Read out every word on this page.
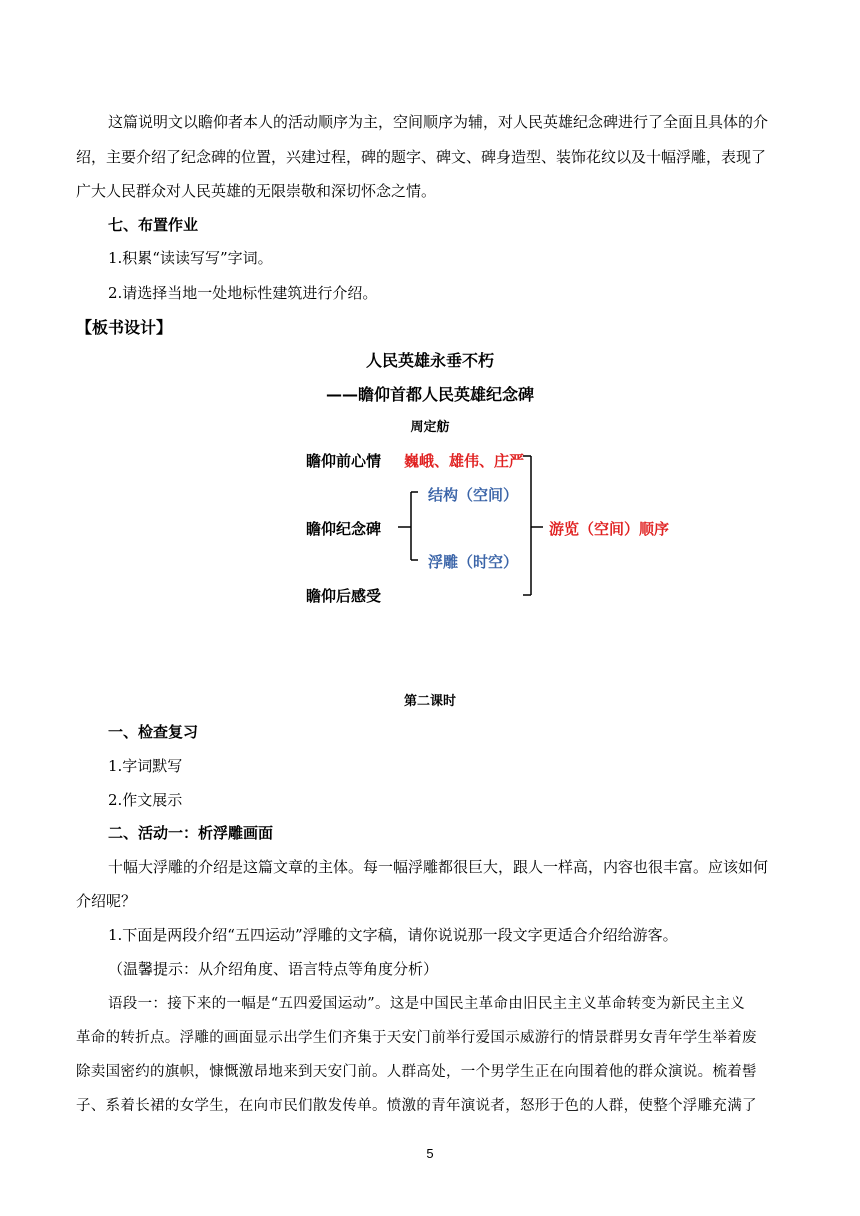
这篇说明文以瞻仰者本人的活动顺序为主，空间顺序为辅，对人民英雄纪念碑进行了全面且具体的介
绍，主要介绍了纪念碑的位置，兴建过程，碑的题字、碑文、碑身造型、装饰花纹以及十幅浮雕，表现了
广大人民群众对人民英雄的无限崇敬和深切怀念之情。
七、布置作业
1.积累“读读写写”字词。
2.请选择当地一处地标性建筑进行介绍。
【板书设计】
人民英雄永垂不朽
——瞻仰首都人民英雄纪念碑
周定舫
瞻仰前心情
瞻仰纪念碑
瞻仰后感受
巍峨、雄伟、庄严
结构（空间）
浮雕（时空）
游览（空间）顺序
第二课时
一、检查复习
1.字词默写
2.作文展示
二、活动一：析浮雕画面
十幅大浮雕的介绍是这篇文章的主体。每一幅浮雕都很巨大，跟人一样高，内容也很丰富。应该如何
介绍呢？
1.下面是两段介绍“五四运动”浮雕的文字稿，请你说说那一段文字更适合介绍给游客。
（温馨提示：从介绍角度、语言特点等角度分析）
语段一：接下来的一幅是“五四爱国运动”。这是中国民主革命由旧民主主义革命转变为新民主主义
革命的转折点。浮雕的画面显示出学生们齐集于天安门前举行爱国示威游行的情景群男女青年学生举着废
除卖国密约的旗帜，慷慨激昂地来到天安门前。人群高处，一个男学生正在向围着他的群众演说。梳着髻
子、系着长裙的女学生，在向市民们散发传单。愤激的青年演说者，怒形于色的人群，使整个浮雕充满了
5
